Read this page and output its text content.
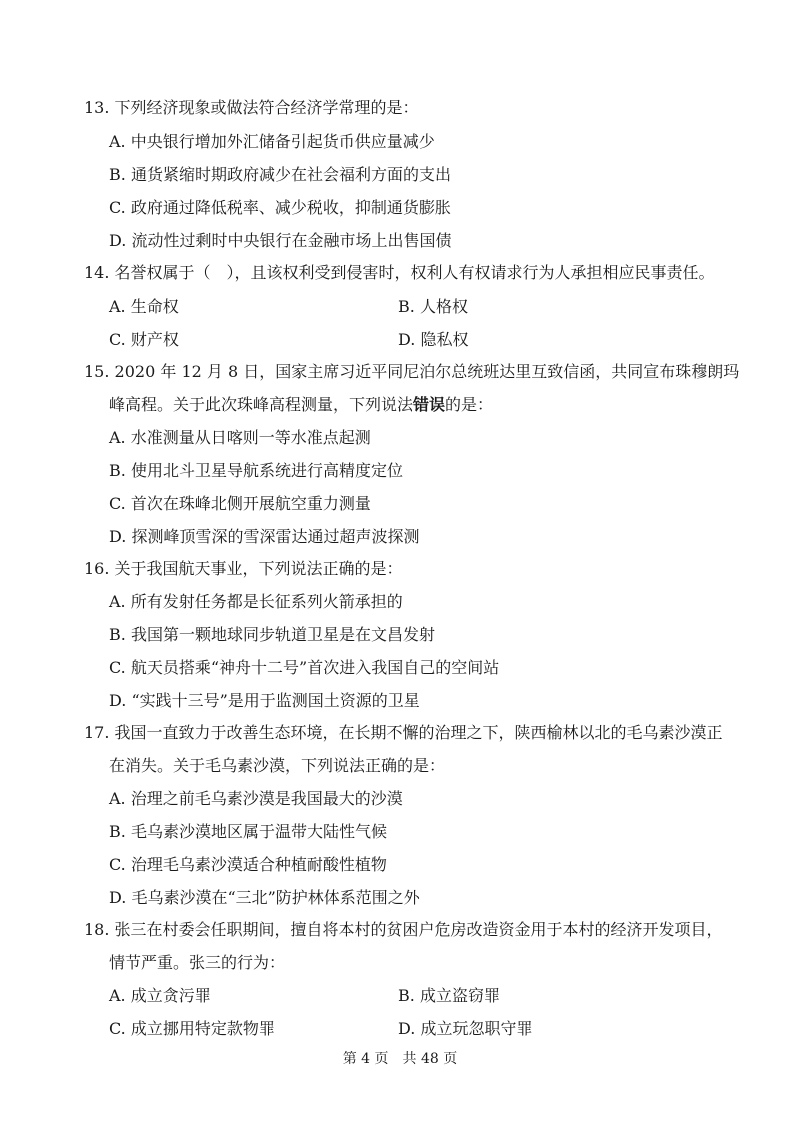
13. 下列经济现象或做法符合经济学常理的是：
A. 中央银行增加外汇储备引起货币供应量减少
B. 通货紧缩时期政府减少在社会福利方面的支出
C. 政府通过降低税率、减少税收，抑制通货膨胀
D. 流动性过剩时中央银行在金融市场上出售国债
14. 名誉权属于（　），且该权利受到侵害时，权利人有权请求行为人承担相应民事责任。
A. 生命权	B. 人格权
C. 财产权	D. 隐私权
15. 2020 年 12 月 8 日，国家主席习近平同尼泊尔总统班达里互致信函，共同宣布珠穆朗玛
峰高程。关于此次珠峰高程测量，下列说法错误的是：
A. 水准测量从日喀则一等水准点起测
B. 使用北斗卫星导航系统进行高精度定位
C. 首次在珠峰北侧开展航空重力测量
D. 探测峰顶雪深的雪深雷达通过超声波探测
16. 关于我国航天事业，下列说法正确的是：
A. 所有发射任务都是长征系列火箭承担的
B. 我国第一颗地球同步轨道卫星是在文昌发射
C. 航天员搭乘“神舟十二号”首次进入我国自己的空间站
D. “实践十三号”是用于监测国土资源的卫星
17. 我国一直致力于改善生态环境，在长期不懈的治理之下，陕西榆林以北的毛乌素沙漠正
在消失。关于毛乌素沙漠，下列说法正确的是：
A. 治理之前毛乌素沙漠是我国最大的沙漠
B. 毛乌素沙漠地区属于温带大陆性气候
C. 治理毛乌素沙漠适合种植耐酸性植物
D. 毛乌素沙漠在“三北”防护林体系范围之外
18. 张三在村委会任职期间，擅自将本村的贫困户危房改造资金用于本村的经济开发项目，
情节严重。张三的行为：
A. 成立贪污罪	B. 成立盗窃罪
C. 成立挪用特定款物罪	D. 成立玩忽职守罪
第 4 页　共 48 页
